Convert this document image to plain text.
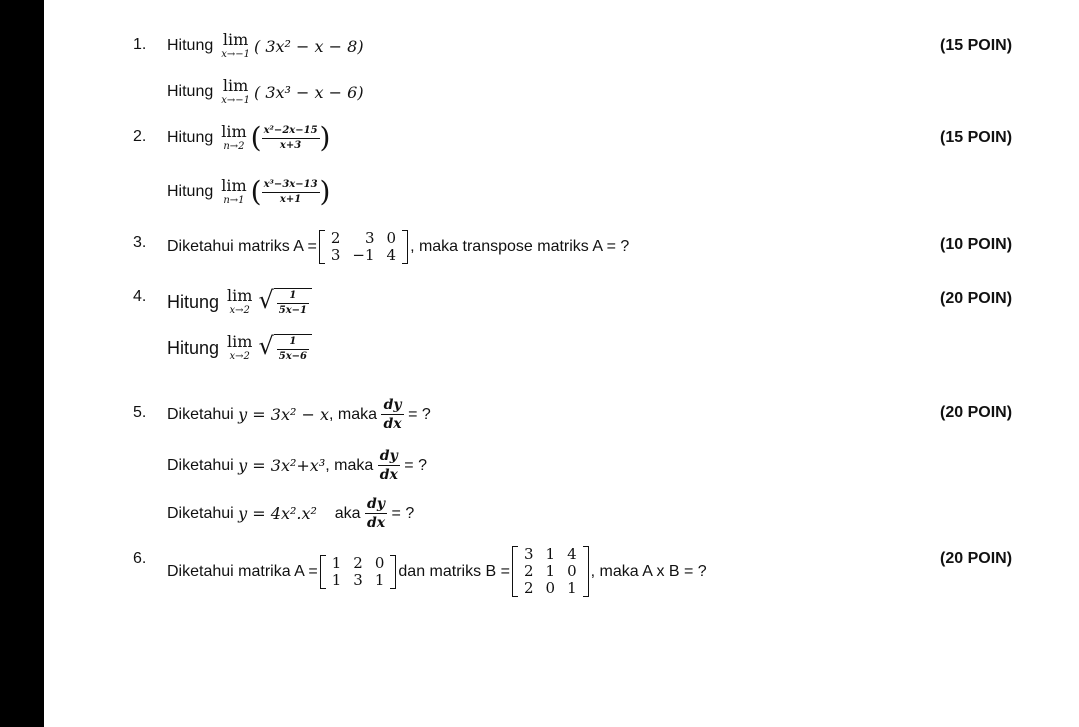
1.	(15 POIN)
Hitung lim
x→−1 ( 3x² − x − 8)
Hitung lim
x→−1 ( 3x³ − x − 6)
2.	(15 POIN)
Hitung lim
n→2 ( $\frac{\text{x²−2x−15}}{x+3}$ )
Hitung lim
n→1 ( $\frac{\text{x³−3x−13}}{x+1}$ )
3.	(10 POIN)
Diketahui matriks A = 2	3	0
3	−1	4 , maka transpose matriks A = ?
4.	(20 POIN)
Hitung lim
x→2 √ $\frac{1}{5x-1}$
Hitung lim
x→2 √ $\frac{1}{5x-6}$
5.	(20 POIN)
Diketahui
y = 3x² − x , maka
$\frac{dy}{dx}$
= ?
Diketahui
y = 3x²+x³ , maka
$\frac{dy}{dx}$
= ?
Diketahui
y = 4x².x²
aka
$\frac{dy}{dx}$
= ?
6.	(20 POIN)
Diketahui matrika A = 1	2	0
1	3	1 dan matriks B =
3	1	4
2	1	0
2	0	1
, maka A x B = ?
